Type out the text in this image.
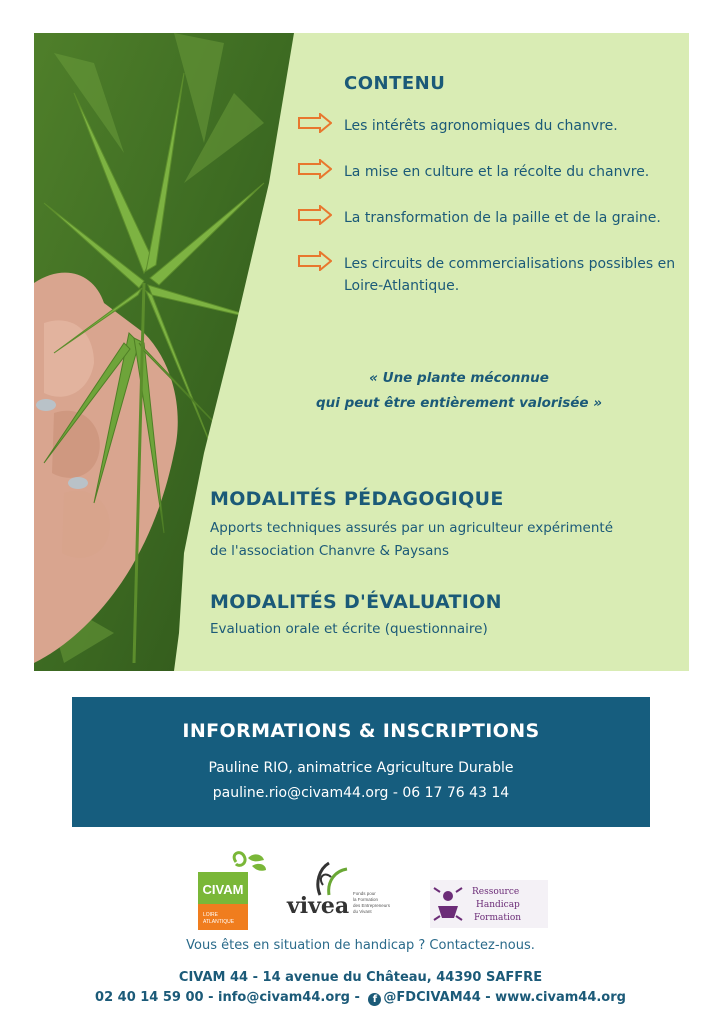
CONTENU
Les intérêts agronomiques du chanvre.
La mise en culture et la récolte du chanvre.
La transformation de la paille et de la graine.
Les circuits de commercialisations possibles en Loire-Atlantique.
« Une plante méconnue
qui peut être entièrement valorisée »
MODALITÉS PÉDAGOGIQUE
Apports techniques assurés par un agriculteur expérimenté
de l'association Chanvre & Paysans
MODALITÉS D'ÉVALUATION
Evaluation orale et écrite (questionnaire)
INFORMATIONS & INSCRIPTIONS
Pauline RIO, animatrice Agriculture Durable
pauline.rio@civam44.org - 06 17 76 43 14
CIVAM
LOIRE
ATLANTIQUE
vivea Fonds pour
la Formation
des Entrepreneurs
du Vivant
Ressource
Handicap
Formation
Vous êtes en situation de handicap ? Contactez-nous.
CIVAM 44 - 14 avenue du Château, 44390 SAFFRE
02 40 14 59 00 - info@civam44.org - f @FDCIVAM44 - www.civam44.org
